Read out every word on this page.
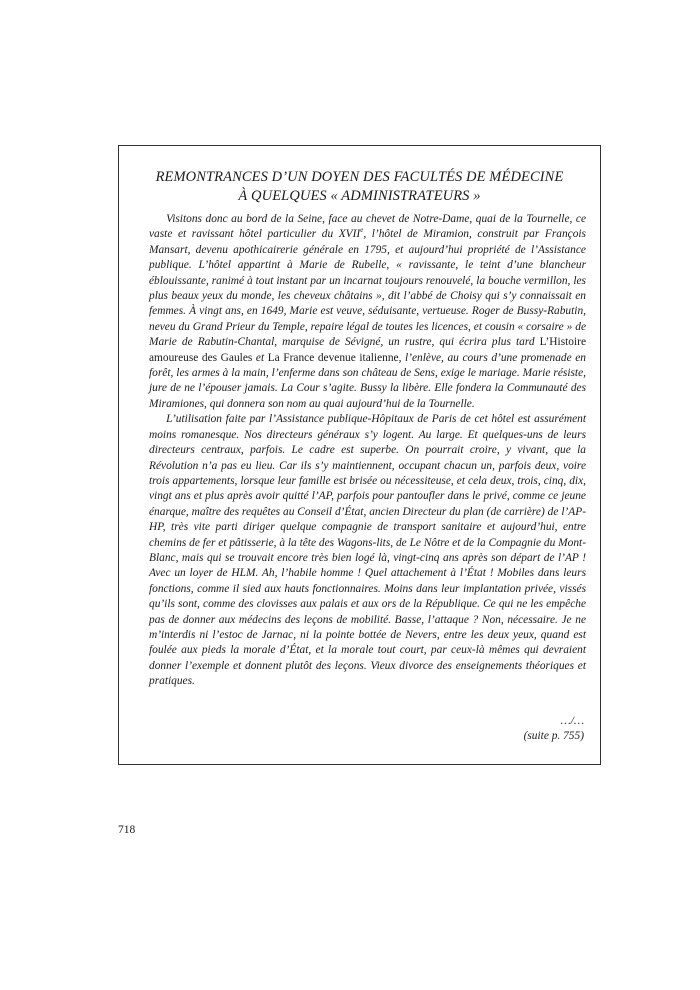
REMONTRANCES D’UN DOYEN DES FACULTÉS DE MÉDECINE
À QUELQUES « ADMINISTRATEURS »

Visitons donc au bord de la Seine, face au chevet de Notre-Dame, quai de la Tournelle, ce vaste et ravissant hôtel particulier du XVIIe, l’hôtel de Miramion, construit par François Mansart, devenu apothicairerie générale en 1795, et aujourd’hui propriété de l’Assistance publique. L’hôtel appartint à Marie de Rubelle, « ravissante, le teint d’une blancheur éblouissante, ranimé à tout instant par un incarnat toujours renouvelé, la bouche vermillon, les plus beaux yeux du monde, les cheveux châtains », dit l’abbé de Choisy qui s’y connaissait en femmes. À vingt ans, en 1649, Marie est veuve, séduisante, vertueuse. Roger de Bussy-Rabutin, neveu du Grand Prieur du Temple, repaire légal de toutes les licences, et cousin « corsaire » de Marie de Rabutin-Chantal, marquise de Sévigné, un rustre, qui écrira plus tard L’Histoire amoureuse des Gaules et La France devenue italienne, l’enlève, au cours d’une promenade en forêt, les armes à la main, l’enferme dans son château de Sens, exige le mariage. Marie résiste, jure de ne l’épouser jamais. La Cour s’agite. Bussy la libère. Elle fondera la Communauté des Miramiones, qui donnera son nom au quai aujourd’hui de la Tournelle.

L’utilisation faite par l’Assistance publique-Hôpitaux de Paris de cet hôtel est assurément moins romanesque. Nos directeurs généraux s’y logent. Au large. Et quelques-uns de leurs directeurs centraux, parfois. Le cadre est superbe. On pourrait croire, y vivant, que la Révolution n’a pas eu lieu. Car ils s’y maintiennent, occupant chacun un, parfois deux, voire trois appartements, lorsque leur famille est brisée ou nécessiteuse, et cela deux, trois, cinq, dix, vingt ans et plus après avoir quitté l’AP, parfois pour pantoufler dans le privé, comme ce jeune énarque, maître des requêtes au Conseil d’État, ancien Directeur du plan (de carrière) de l’AP-HP, très vite parti diriger quelque compagnie de transport sanitaire et aujourd’hui, entre chemins de fer et pâtisserie, à la tête des Wagons-lits, de Le Nôtre et de la Compagnie du Mont-Blanc, mais qui se trouvait encore très bien logé là, vingt-cinq ans après son départ de l’AP ! Avec un loyer de HLM. Ah, l’habile homme ! Quel attachement à l’État ! Mobiles dans leurs fonctions, comme il sied aux hauts fonctionnaires. Moins dans leur implantation privée, vissés qu’ils sont, comme des clovisses aux palais et aux ors de la République. Ce qui ne les empêche pas de donner aux médecins des leçons de mobilité. Basse, l’attaque ? Non, nécessaire. Je ne m’interdis ni l’estoc de Jarnac, ni la pointe bottée de Nevers, entre les deux yeux, quand est foulée aux pieds la morale d’État, et la morale tout court, par ceux-là mêmes qui devraient donner l’exemple et donnent plutôt des leçons. Vieux divorce des enseignements théoriques et pratiques.

…/…
(suite p. 755)
718
